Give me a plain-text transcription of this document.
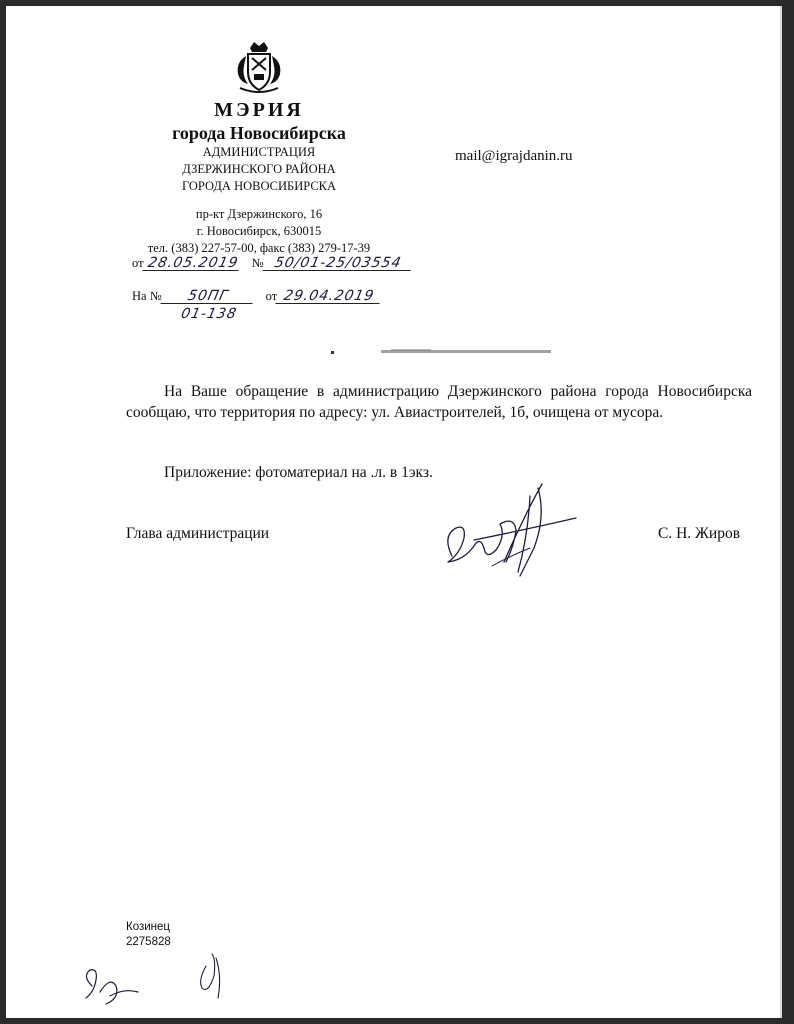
МЭРИЯ
города Новосибирска
АДМИНИСТРАЦИЯ
ДЗЕРЖИНСКОГО РАЙОНА
ГОРОДА НОВОСИБИРСКА
пр-кт Дзержинского, 16
г. Новосибирск, 630015
тел. (383) 227-57-00, факс (383) 279-17-39
mail@igrajdanin.ru
от 28.05.2019 № 50/01-25/03554
На №	50ПГ	от 29.04.2019
01-138

На Ваше обращение в администрацию Дзержинского района города Новосибирска сообщаю, что территория по адресу: ул. Авиастроителей, 1б, очищена от мусора.

Приложение: фотоматериал на .л. в 1экз.
Глава администрации	С. Н. Жиров
Козинец
2275828
